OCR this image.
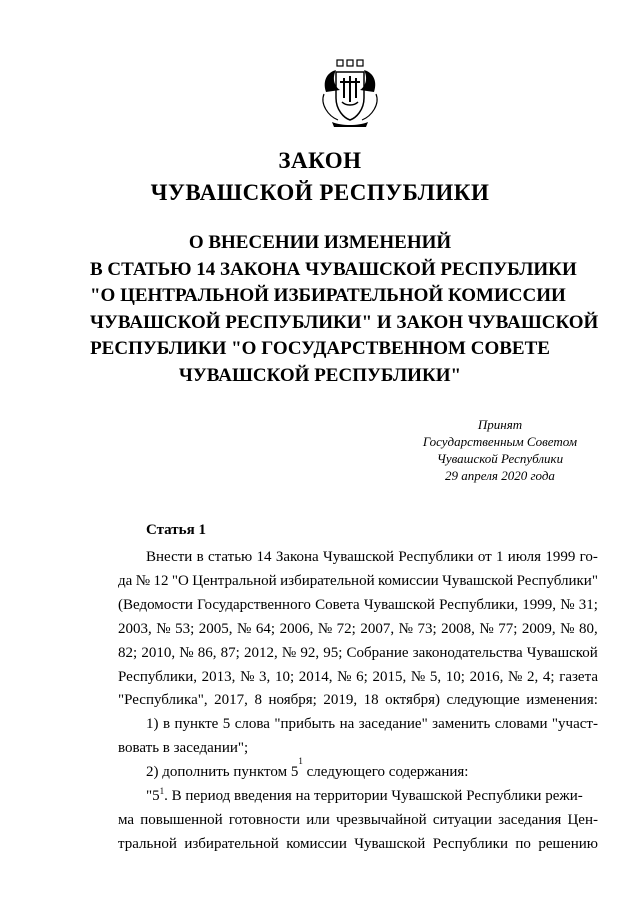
ЗАКОН
ЧУВАШСКОЙ РЕСПУБЛИКИ
О ВНЕСЕНИИ ИЗМЕНЕНИЙ
В СТАТЬЮ 14 ЗАКОНА ЧУВАШСКОЙ РЕСПУБЛИКИ
"О ЦЕНТРАЛЬНОЙ ИЗБИРАТЕЛЬНОЙ КОМИССИИ
ЧУВАШСКОЙ РЕСПУБЛИКИ" И ЗАКОН ЧУВАШСКОЙ
РЕСПУБЛИКИ "О ГОСУДАРСТВЕННОМ СОВЕТЕ
ЧУВАШСКОЙ РЕСПУБЛИКИ"
Принят
Государственным Советом
Чувашской Республики
29 апреля 2020 года
Статья 1
Внести в статью 14 Закона Чувашской Республики от 1 июля 1999 го-
да № 12 "О Центральной избирательной комиссии Чувашской Республики"
(Ведомости Государственного Совета Чувашской Республики, 1999, № 31;
2003, № 53; 2005, № 64; 2006, № 72; 2007, № 73; 2008, № 77; 2009, № 80,
82; 2010, № 86, 87; 2012, № 92, 95; Собрание законодательства Чувашской
Республики, 2013, № 3, 10; 2014, № 6; 2015, № 5, 10; 2016, № 2, 4; газета
"Республика", 2017, 8 ноября; 2019, 18 октября) следующие изменения:
1) в пункте 5 слова "прибыть на заседание" заменить словами "участ-
вовать в заседании";
2) дополнить пунктом 5
1
следующего содержания:
"$5^1$. В период введения на территории Чувашской Республики режи-
ма повышенной готовности или чрезвычайной ситуации заседания Цен-
тральной избирательной комиссии Чувашской Республики по решению
